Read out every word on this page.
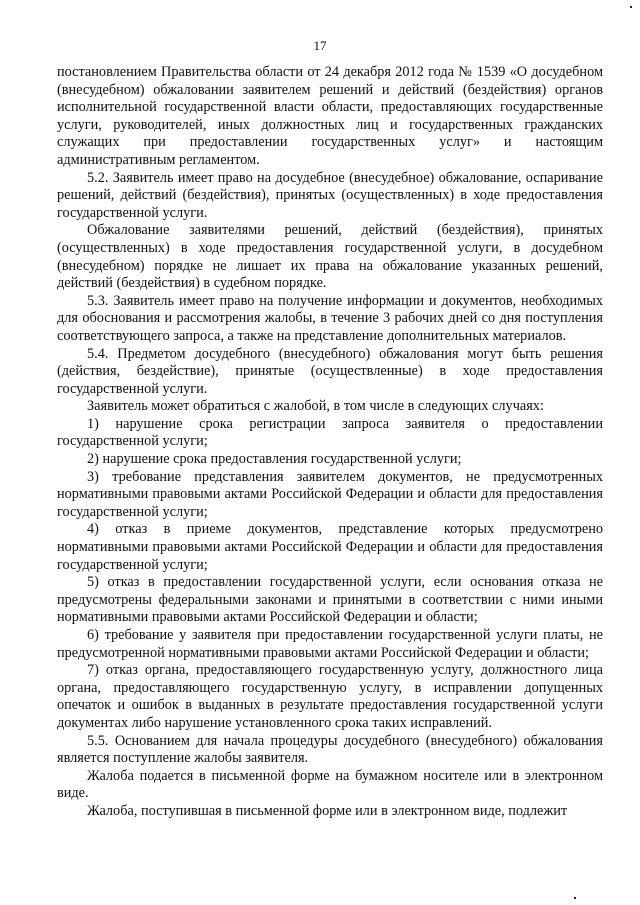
17

постановлением Правительства области от 24 декабря 2012 года № 1539 «О досудебном (внесудебном) обжаловании заявителем решений и действий (бездействия) органов исполнительной государственной власти области, предоставляющих государственные услуги, руководителей, иных должностных лиц и государственных гражданских служащих при предоставлении государственных услуг» и настоящим административным регламентом.

5.2. Заявитель имеет право на досудебное (внесудебное) обжалование, оспаривание решений, действий (бездействия), принятых (осуществленных) в ходе предоставления государственной услуги.

Обжалование заявителями решений, действий (бездействия), принятых (осуществленных) в ходе предоставления государственной услуги, в досудебном (внесудебном) порядке не лишает их права на обжалование указанных решений, действий (бездействия) в судебном порядке.

5.3. Заявитель имеет право на получение информации и документов, необходимых для обоснования и рассмотрения жалобы, в течение 3 рабочих дней со дня поступления соответствующего запроса, а также на представление дополнительных материалов.

5.4. Предметом досудебного (внесудебного) обжалования могут быть решения (действия, бездействие), принятые (осуществленные) в ходе предоставления государственной услуги.

Заявитель может обратиться с жалобой, в том числе в следующих случаях:

1) нарушение срока регистрации запроса заявителя о предоставлении государственной услуги;

2) нарушение срока предоставления государственной услуги;

3) требование представления заявителем документов, не предусмотренных нормативными правовыми актами Российской Федерации и области для предоставления государственной услуги;

4) отказ в приеме документов, представление которых предусмотрено нормативными правовыми актами Российской Федерации и области для предоставления государственной услуги;

5) отказ в предоставлении государственной услуги, если основания отказа не предусмотрены федеральными законами и принятыми в соответствии с ними иными нормативными правовыми актами Российской Федерации и области;

6) требование у заявителя при предоставлении государственной услуги платы, не предусмотренной нормативными правовыми актами Российской Федерации и области;

7) отказ органа, предоставляющего государственную услугу, должностного лица органа, предоставляющего государственную услугу, в исправлении допущенных опечаток и ошибок в выданных в результате предоставления государственной услуги документах либо нарушение установленного срока таких исправлений.

5.5. Основанием для начала процедуры досудебного (внесудебного) обжалования является поступление жалобы заявителя.

Жалоба подается в письменной форме на бумажном носителе или в электронном виде.

Жалоба, поступившая в письменной форме или в электронном виде, подлежит
